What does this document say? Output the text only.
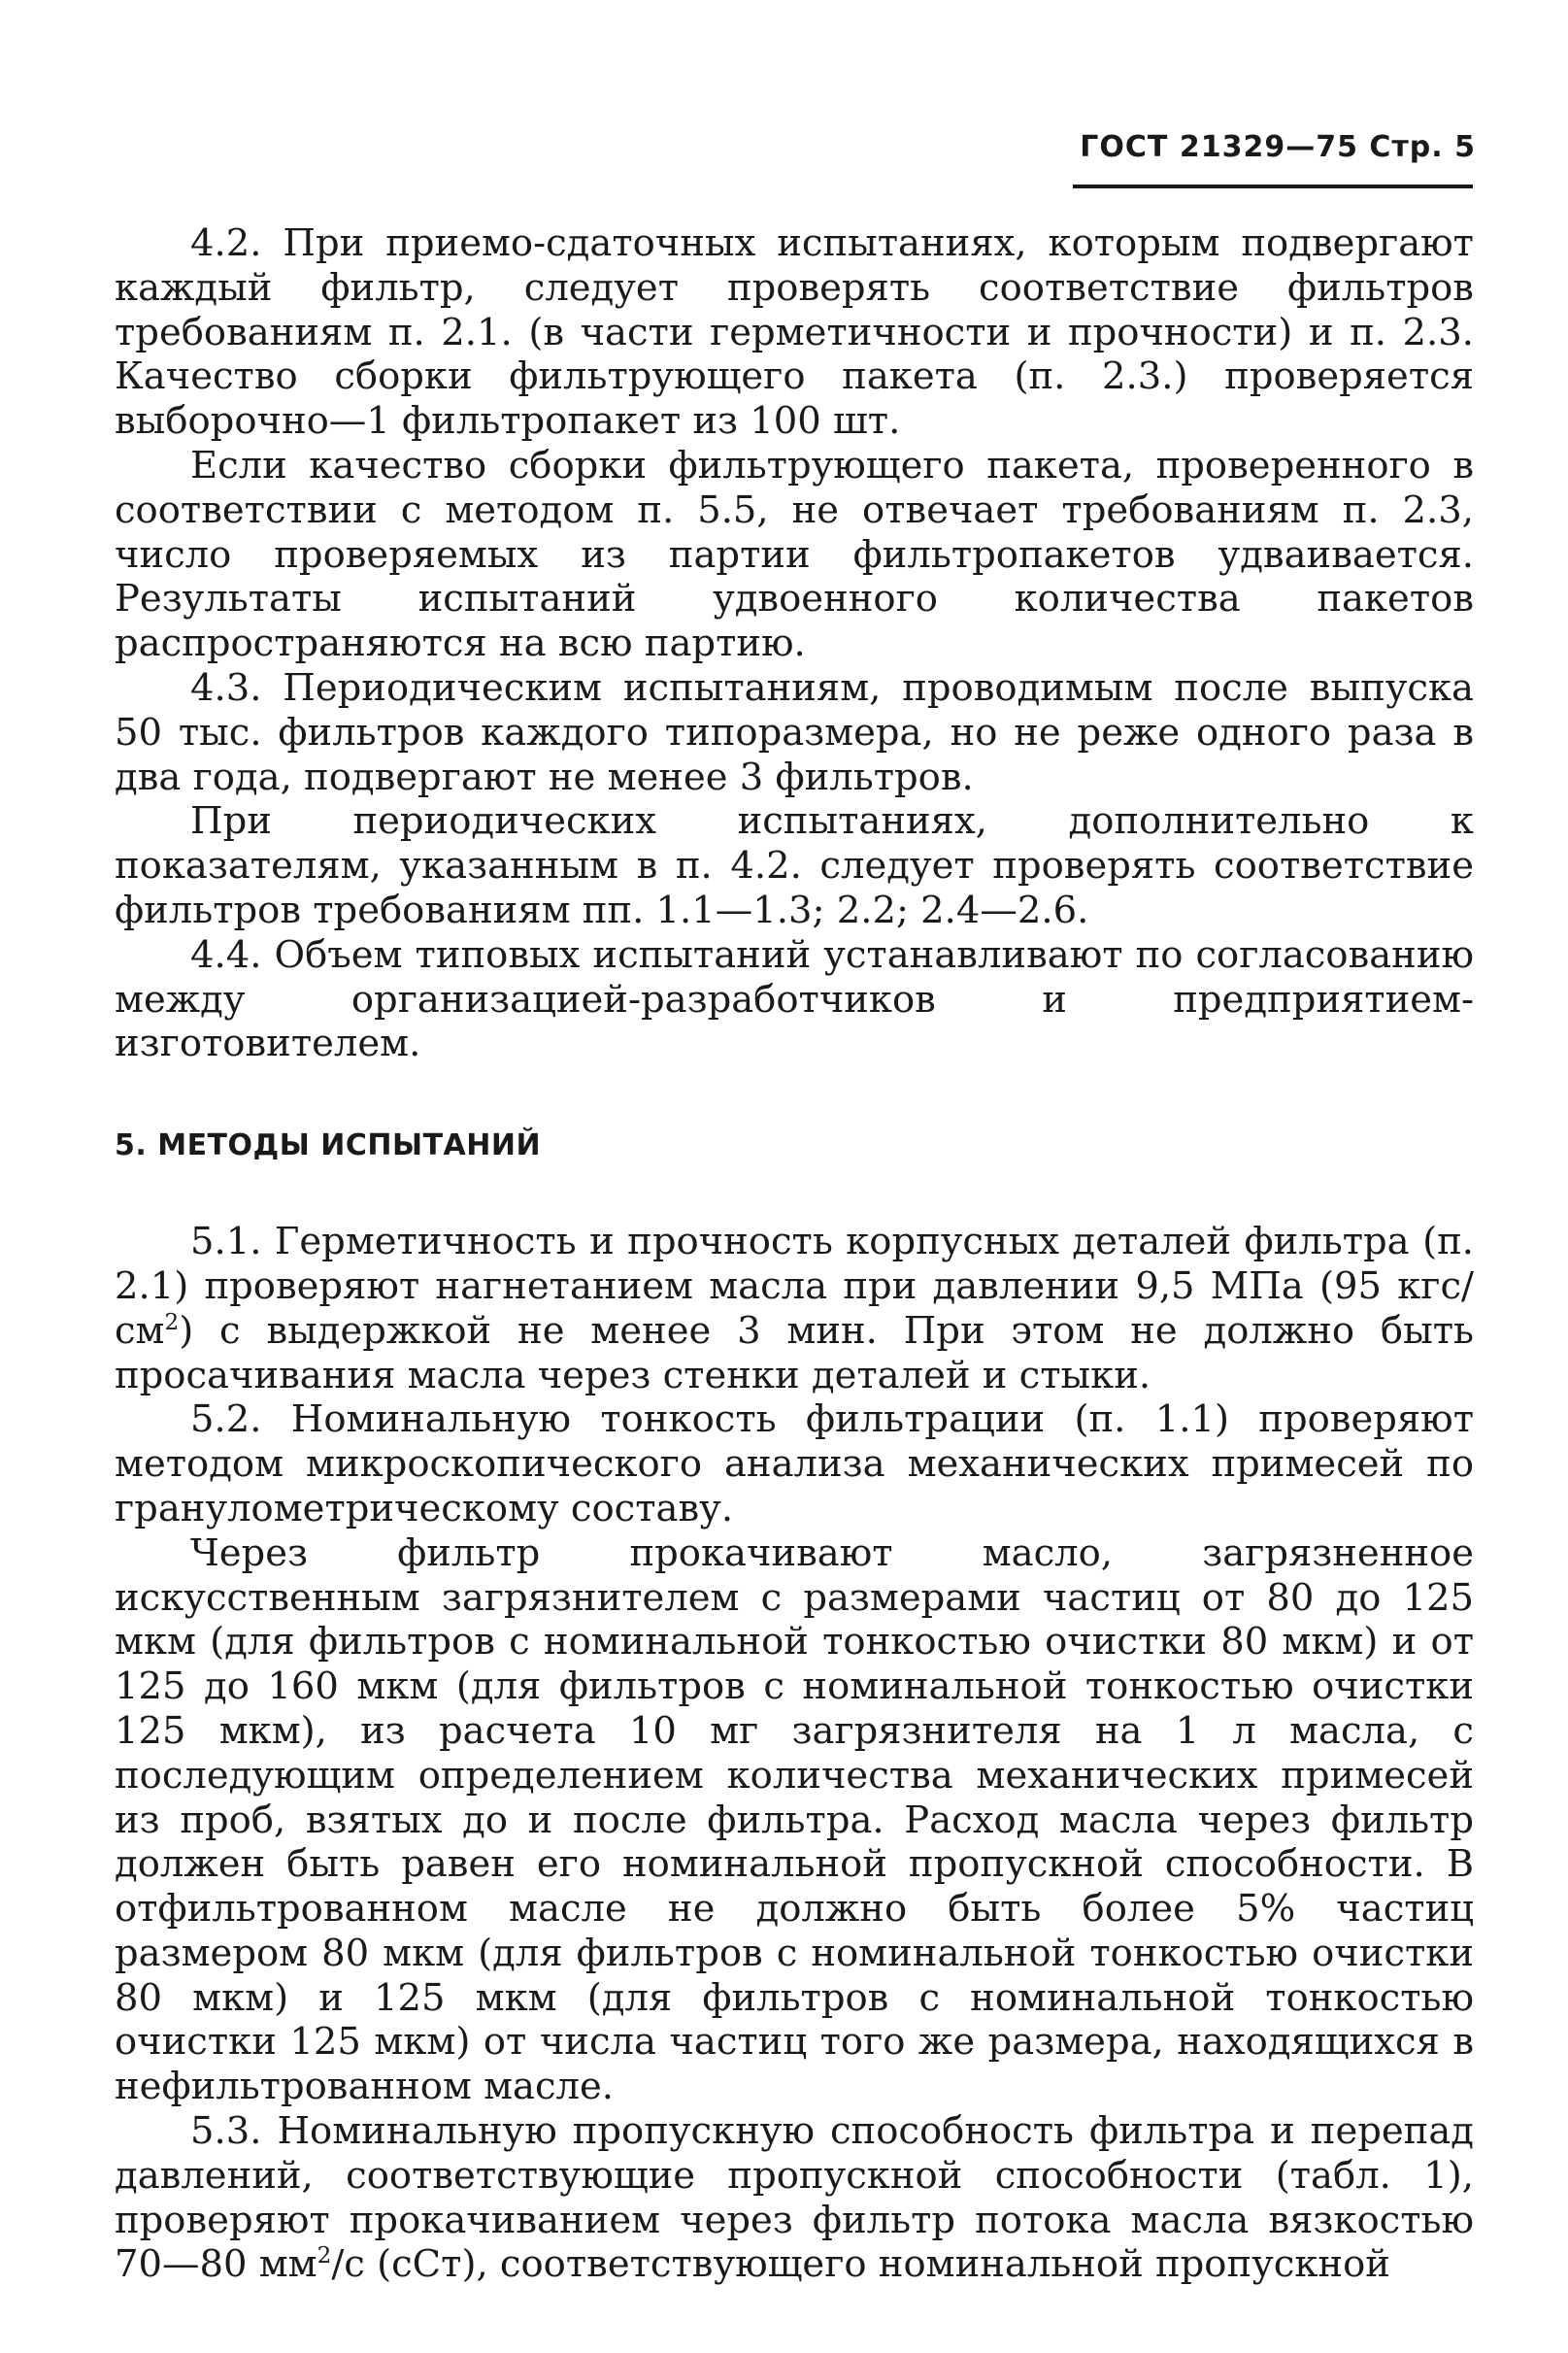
ГОСТ 21329—75 Стр. 5

4.2. При приемо-сдаточных испытаниях, которым подвергают каждый фильтр, следует проверять соответствие фильтров требованиям п. 2.1. (в части герметичности и прочности) и п. 2.3. Качество сборки фильтрующего пакета (п. 2.3.) проверяется выборочно—1 фильтропакет из 100 шт.

Если качество сборки фильтрующего пакета, проверенного в соответствии с методом п. 5.5, не отвечает требованиям п. 2.3, число проверяемых из партии фильтропакетов удваивается. Результаты испытаний удвоенного количества пакетов распространяются на всю партию.

4.3. Периодическим испытаниям, проводимым после выпуска 50 тыс. фильтров каждого типоразмера, но не реже одного раза в два года, подвергают не менее 3 фильтров.

При периодических испытаниях, дополнительно к показателям, указанным в п. 4.2. следует проверять соответствие фильтров требованиям пп. 1.1—1.3; 2.2; 2.4—2.6.

4.4. Объем типовых испытаний устанавливают по согласованию между организацией-разработчиков и предприятием-изготовителем.

5. МЕТОДЫ ИСПЫТАНИЙ

5.1. Герметичность и прочность корпусных деталей фильтра (п. 2.1) проверяют нагнетанием масла при давлении 9,5 МПа (95 кгс/$см^2$) с выдержкой не менее 3 мин. При этом не должно быть просачивания масла через стенки деталей и стыки.

5.2. Номинальную тонкость фильтрации (п. 1.1) проверяют методом микроскопического анализа механических примесей по гранулометрическому составу.

Через фильтр прокачивают масло, загрязненное искусственным загрязнителем с размерами частиц от 80 до 125 мкм (для фильтров с номинальной тонкостью очистки 80 мкм) и от 125 до 160 мкм (для фильтров с номинальной тонкостью очистки 125 мкм), из расчета 10 мг загрязнителя на 1 л масла, с последующим определением количества механических примесей из проб, взятых до и после фильтра. Расход масла через фильтр должен быть равен его номинальной пропускной способности. В отфильтрованном масле не должно быть более 5% частиц размером 80 мкм (для фильтров с номинальной тонкостью очистки 80 мкм) и 125 мкм (для фильтров с номинальной тонкостью очистки 125 мкм) от числа частиц того же размера, находящихся в нефильтрованном масле.

5.3. Номинальную пропускную способность фильтра и перепад давлений, соответствующие пропускной способности (табл. 1), проверяют прокачиванием через фильтр потока масла вязкостью 70—80 $мм^2/с$ (сСт), соответствующего номинальной пропускной
